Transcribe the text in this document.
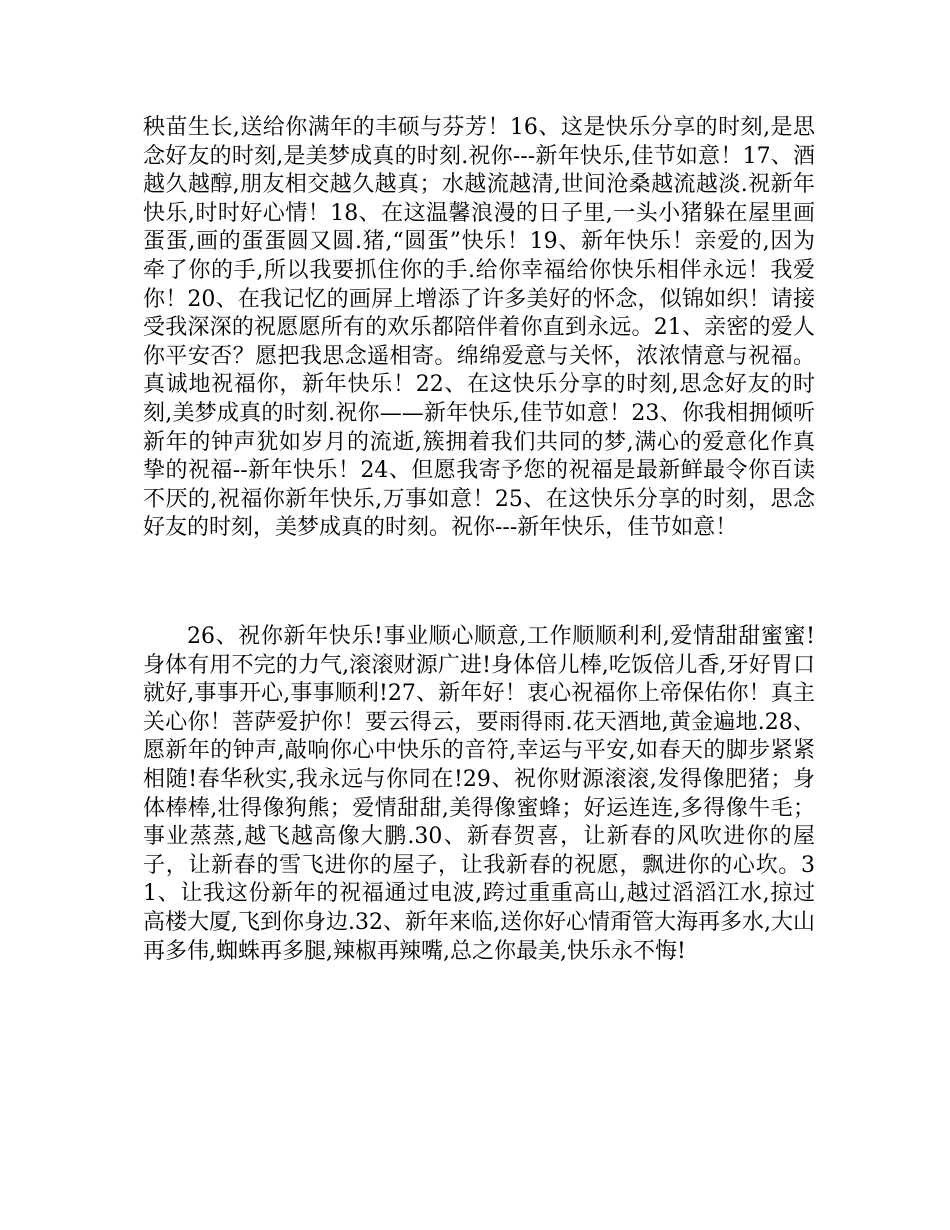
秧苗生长,送给你满年的丰硕与芬芳！16、这是快乐分享的时刻,是思念好友的时刻,是美梦成真的时刻.祝你---新年快乐,佳节如意！17、酒越久越醇,朋友相交越久越真；水越流越清,世间沧桑越流越淡.祝新年快乐,时时好心情！18、在这温馨浪漫的日子里,一头小猪躲在屋里画蛋蛋,画的蛋蛋圆又圆.猪,“圆蛋”快乐！19、新年快乐！亲爱的,因为牵了你的手,所以我要抓住你的手.给你幸福给你快乐相伴永远！我爱你！20、在我记忆的画屏上增添了许多美好的怀念，似锦如织！请接受我深深的祝愿愿所有的欢乐都陪伴着你直到永远。21、亲密的爱人你平安否？愿把我思念遥相寄。绵绵爱意与关怀，浓浓情意与祝福。真诚地祝福你，新年快乐！22、在这快乐分享的时刻,思念好友的时刻,美梦成真的时刻.祝你——新年快乐,佳节如意！23、你我相拥倾听新年的钟声犹如岁月的流逝,簇拥着我们共同的梦,满心的爱意化作真挚的祝福--新年快乐！24、但愿我寄予您的祝福是最新鲜最令你百读不厌的,祝福你新年快乐,万事如意！25、在这快乐分享的时刻，思念好友的时刻，美梦成真的时刻。祝你---新年快乐，佳节如意！

26、祝你新年快乐!事业顺心顺意,工作顺顺利利,爱情甜甜蜜蜜!身体有用不完的力气,滚滚财源广进!身体倍儿棒,吃饭倍儿香,牙好胃口就好,事事开心,事事顺利!27、新年好！衷心祝福你上帝保佑你！真主关心你！菩萨爱护你！要云得云，要雨得雨.花天酒地,黄金遍地.28、愿新年的钟声,敲响你心中快乐的音符,幸运与平安,如春天的脚步紧紧相随!春华秋实,我永远与你同在!29、祝你财源滚滚,发得像肥猪；身体棒棒,壮得像狗熊；爱情甜甜,美得像蜜蜂；好运连连,多得像牛毛；事业蒸蒸,越飞越高像大鹏.30、新春贺喜，让新春的风吹进你的屋子，让新春的雪飞进你的屋子，让我新春的祝愿，飘进你的心坎。31、让我这份新年的祝福通过电波,跨过重重高山,越过滔滔江水,掠过高楼大厦,飞到你身边.32、新年来临,送你好心情甭管大海再多水,大山再多伟,蜘蛛再多腿,辣椒再辣嘴,总之你最美,快乐永不悔!
